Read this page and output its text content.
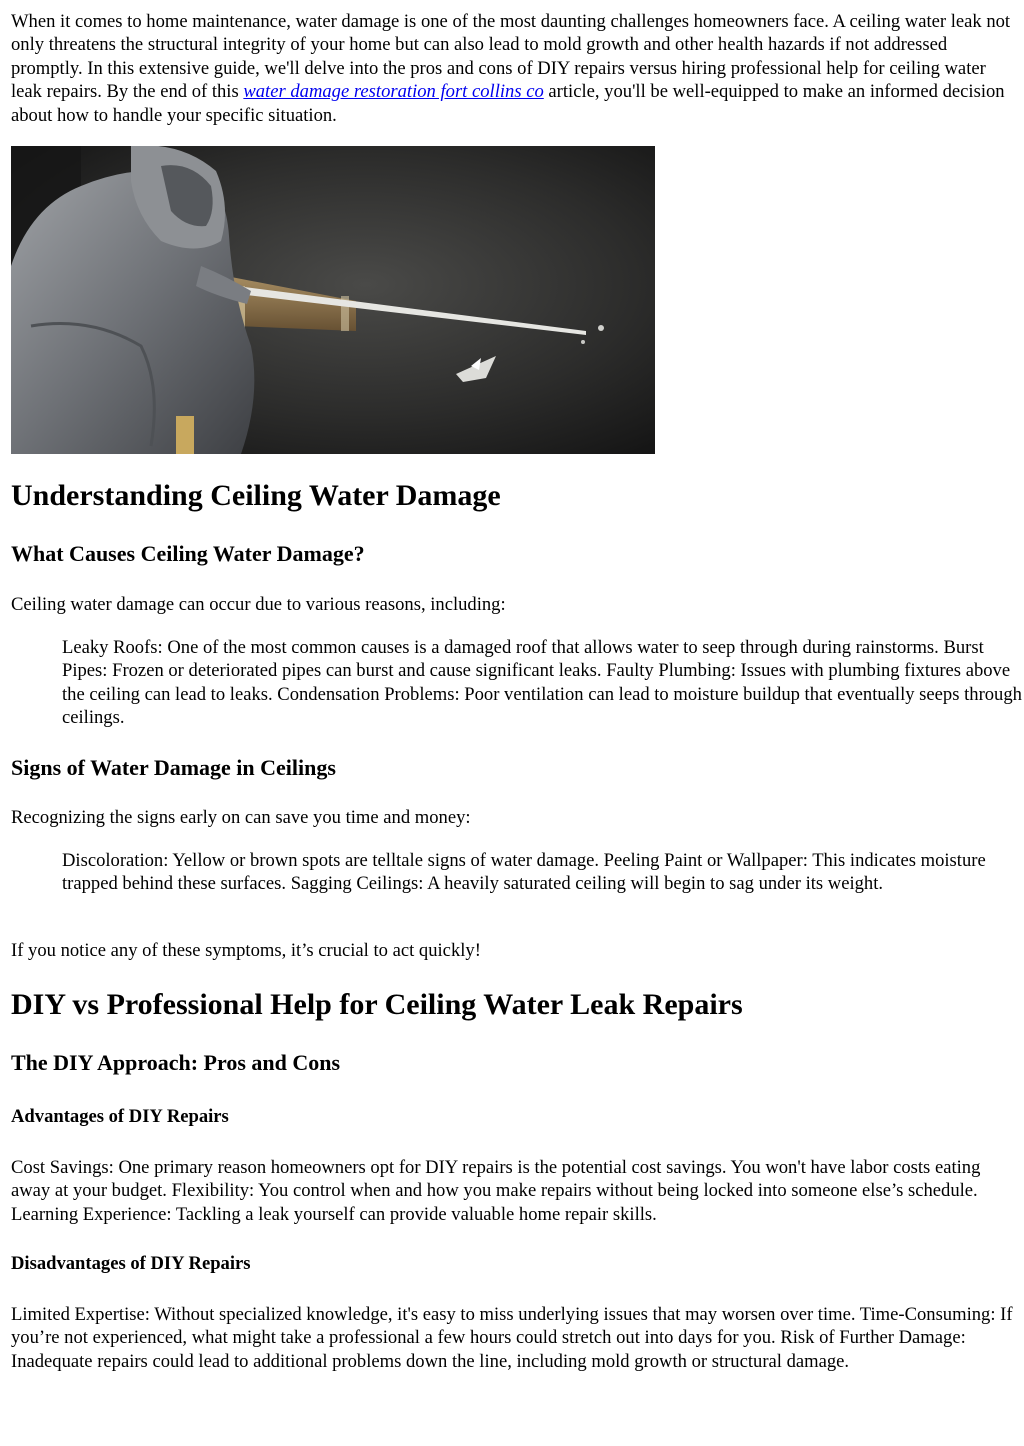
When it comes to home maintenance, water damage is one of the most daunting challenges homeowners face. A ceiling water leak not only threatens the structural integrity of your home but can also lead to mold growth and other health hazards if not addressed promptly. In this extensive guide, we'll delve into the pros and cons of DIY repairs versus hiring professional help for ceiling water leak repairs. By the end of this water damage restoration fort collins co article, you'll be well-equipped to make an informed decision about how to handle your specific situation.

Understanding Ceiling Water Damage
What Causes Ceiling Water Damage?

Ceiling water damage can occur due to various reasons, including:

Leaky Roofs: One of the most common causes is a damaged roof that allows water to seep through during rainstorms. Burst Pipes: Frozen or deteriorated pipes can burst and cause significant leaks. Faulty Plumbing: Issues with plumbing fixtures above the ceiling can lead to leaks. Condensation Problems: Poor ventilation can lead to moisture buildup that eventually seeps through ceilings.

Signs of Water Damage in Ceilings

Recognizing the signs early on can save you time and money:

Discoloration: Yellow or brown spots are telltale signs of water damage. Peeling Paint or Wallpaper: This indicates moisture trapped behind these surfaces. Sagging Ceilings: A heavily saturated ceiling will begin to sag under its weight.

If you notice any of these symptoms, it’s crucial to act quickly!

DIY vs Professional Help for Ceiling Water Leak Repairs
The DIY Approach: Pros and Cons
Advantages of DIY Repairs

Cost Savings: One primary reason homeowners opt for DIY repairs is the potential cost savings. You won't have labor costs eating away at your budget. Flexibility: You control when and how you make repairs without being locked into someone else’s schedule. Learning Experience: Tackling a leak yourself can provide valuable home repair skills.

Disadvantages of DIY Repairs

Limited Expertise: Without specialized knowledge, it's easy to miss underlying issues that may worsen over time. Time-Consuming: If you’re not experienced, what might take a professional a few hours could stretch out into days for you. Risk of Further Damage: Inadequate repairs could lead to additional problems down the line, including mold growth or structural damage.
